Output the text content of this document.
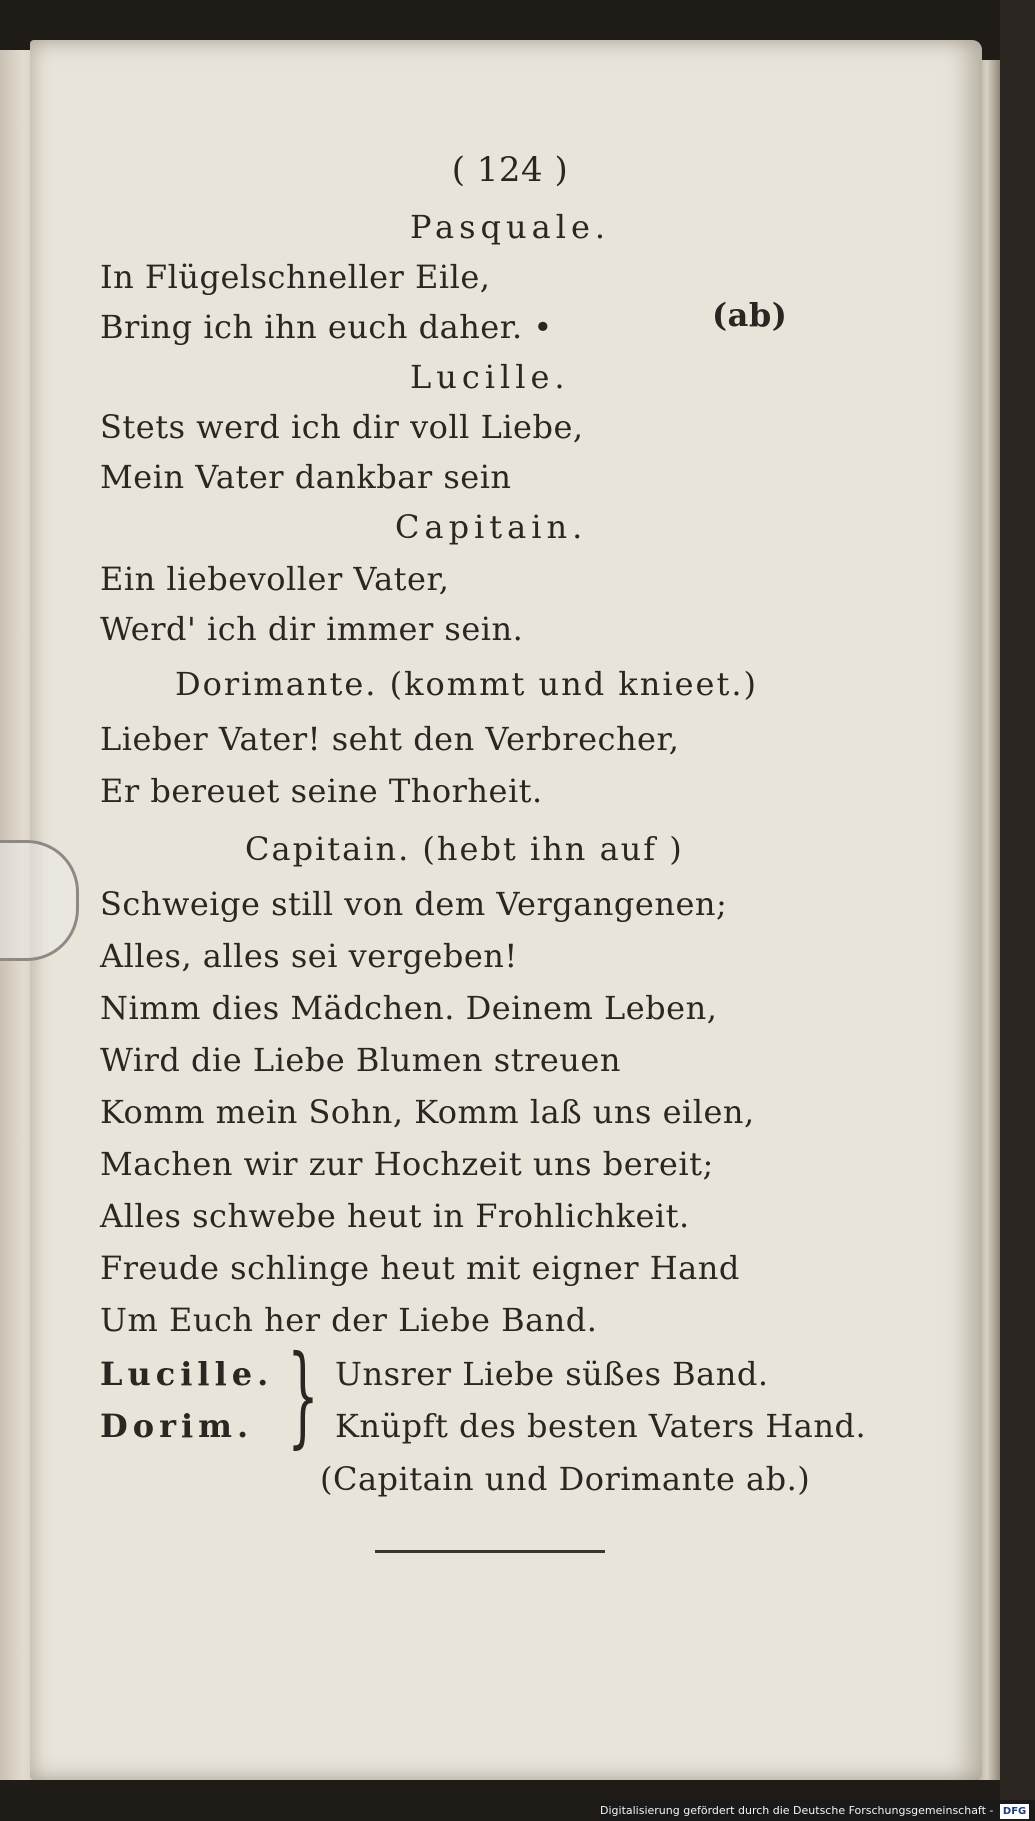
( 124 )
Pasquale.
In Flügelschneller Eile,
Bring ich ihn euch daher. •	(ab)
Lucille.
Stets werd ich dir voll Liebe,
Mein Vater dankbar sein
Capitain.
Ein liebevoller Vater,
Werd' ich dir immer sein.
Dorimante. (kommt und knieet.)
Lieber Vater! seht den Verbrecher,
Er bereuet seine Thorheit.
Capitain. (hebt ihn auf )
Schweige still von dem Vergangenen;
Alles, alles sei vergeben!
Nimm dies Mädchen. Deinem Leben,
Wird die Liebe Blumen streuen
Komm mein Sohn, Komm laß uns eilen,
Machen wir zur Hochzeit uns bereit;
Alles schwebe heut in Frohlichkeit.
Freude schlinge heut mit eigner Hand
Um Euch her der Liebe Band.
Lucille.
Dorim. } Unsrer Liebe süßes Band.
Knüpft des besten Vaters Hand.
(Capitain und Dorimante ab.)
Digitalisierung gefördert durch die Deutsche Forschungsgemeinschaft - DFG
